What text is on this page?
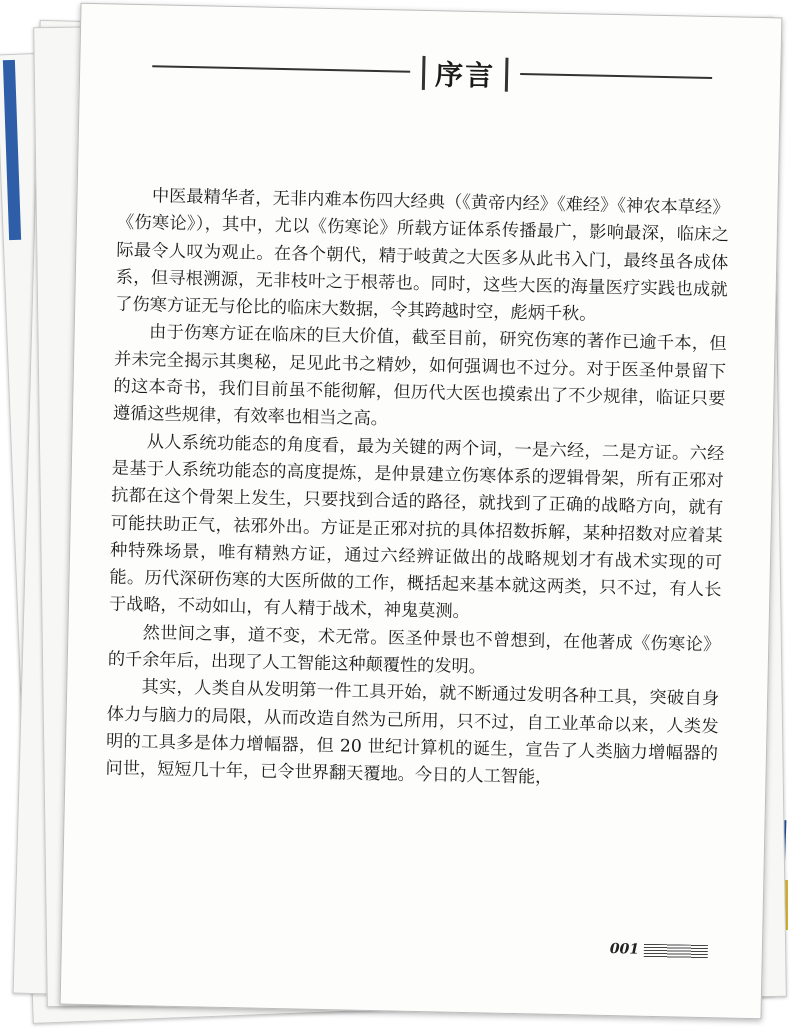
序言

中医最精华者，无非内难本伤四大经典（《黄帝内经》《难经》《神农本草经》《伤寒论》），其中，尤以《伤寒论》所载方证体系传播最广，影响最深，临床之际最令人叹为观止。在各个朝代，精于岐黄之大医多从此书入门，最终虽各成体系，但寻根溯源，无非枝叶之于根蒂也。同时，这些大医的海量医疗实践也成就了伤寒方证无与伦比的临床大数据，令其跨越时空，彪炳千秋。

由于伤寒方证在临床的巨大价值，截至目前，研究伤寒的著作已逾千本，但并未完全揭示其奥秘，足见此书之精妙，如何强调也不过分。对于医圣仲景留下的这本奇书，我们目前虽不能彻解，但历代大医也摸索出了不少规律，临证只要遵循这些规律，有效率也相当之高。

从人系统功能态的角度看，最为关键的两个词，一是六经，二是方证。六经是基于人系统功能态的高度提炼，是仲景建立伤寒体系的逻辑骨架，所有正邪对抗都在这个骨架上发生，只要找到合适的路径，就找到了正确的战略方向，就有可能扶助正气，祛邪外出。方证是正邪对抗的具体招数拆解，某种招数对应着某种特殊场景，唯有精熟方证，通过六经辨证做出的战略规划才有战术实现的可能。历代深研伤寒的大医所做的工作，概括起来基本就这两类，只不过，有人长于战略，不动如山，有人精于战术，神鬼莫测。

然世间之事，道不变，术无常。医圣仲景也不曾想到，在他著成《伤寒论》的千余年后，出现了人工智能这种颠覆性的发明。

其实，人类自从发明第一件工具开始，就不断通过发明各种工具，突破自身体力与脑力的局限，从而改造自然为己所用，只不过，自工业革命以来，人类发明的工具多是体力增幅器，但 20 世纪计算机的诞生，宣告了人类脑力增幅器的问世，短短几十年，已令世界翻天覆地。今日的人工智能，

001
